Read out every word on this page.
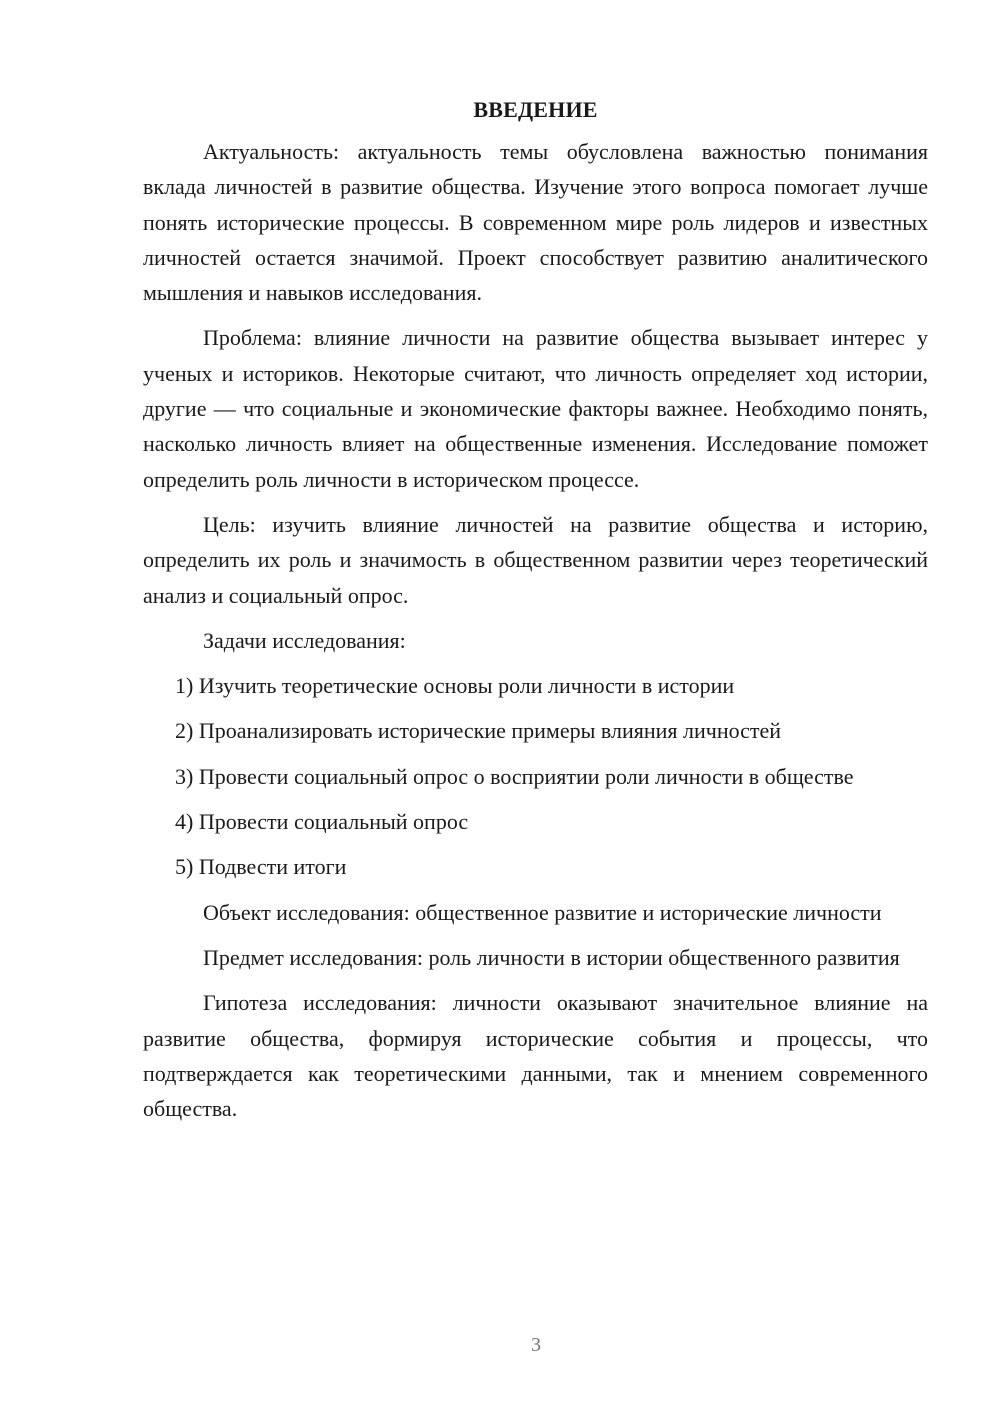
ВВЕДЕНИЕ

Актуальность: актуальность темы обусловлена важностью понимания вклада личностей в развитие общества. Изучение этого вопроса помогает лучше понять исторические процессы. В современном мире роль лидеров и известных личностей остается значимой. Проект способствует развитию аналитического мышления и навыков исследования.

Проблема: влияние личности на развитие общества вызывает интерес у ученых и историков. Некоторые считают, что личность определяет ход истории, другие — что социальные и экономические факторы важнее. Необходимо понять, насколько личность влияет на общественные изменения. Исследование поможет определить роль личности в историческом процессе.

Цель: изучить влияние личностей на развитие общества и историю, определить их роль и значимость в общественном развитии через теоретический анализ и социальный опрос.

Задачи исследования:

1) Изучить теоретические основы роли личности в истории

2) Проанализировать исторические примеры влияния личностей

3) Провести социальный опрос о восприятии роли личности в обществе

4) Провести социальный опрос

5) Подвести итоги

Объект исследования: общественное развитие и исторические личности

Предмет исследования: роль личности в истории общественного развития

Гипотеза исследования: личности оказывают значительное влияние на развитие общества, формируя исторические события и процессы, что подтверждается как теоретическими данными, так и мнением современного общества.

3
